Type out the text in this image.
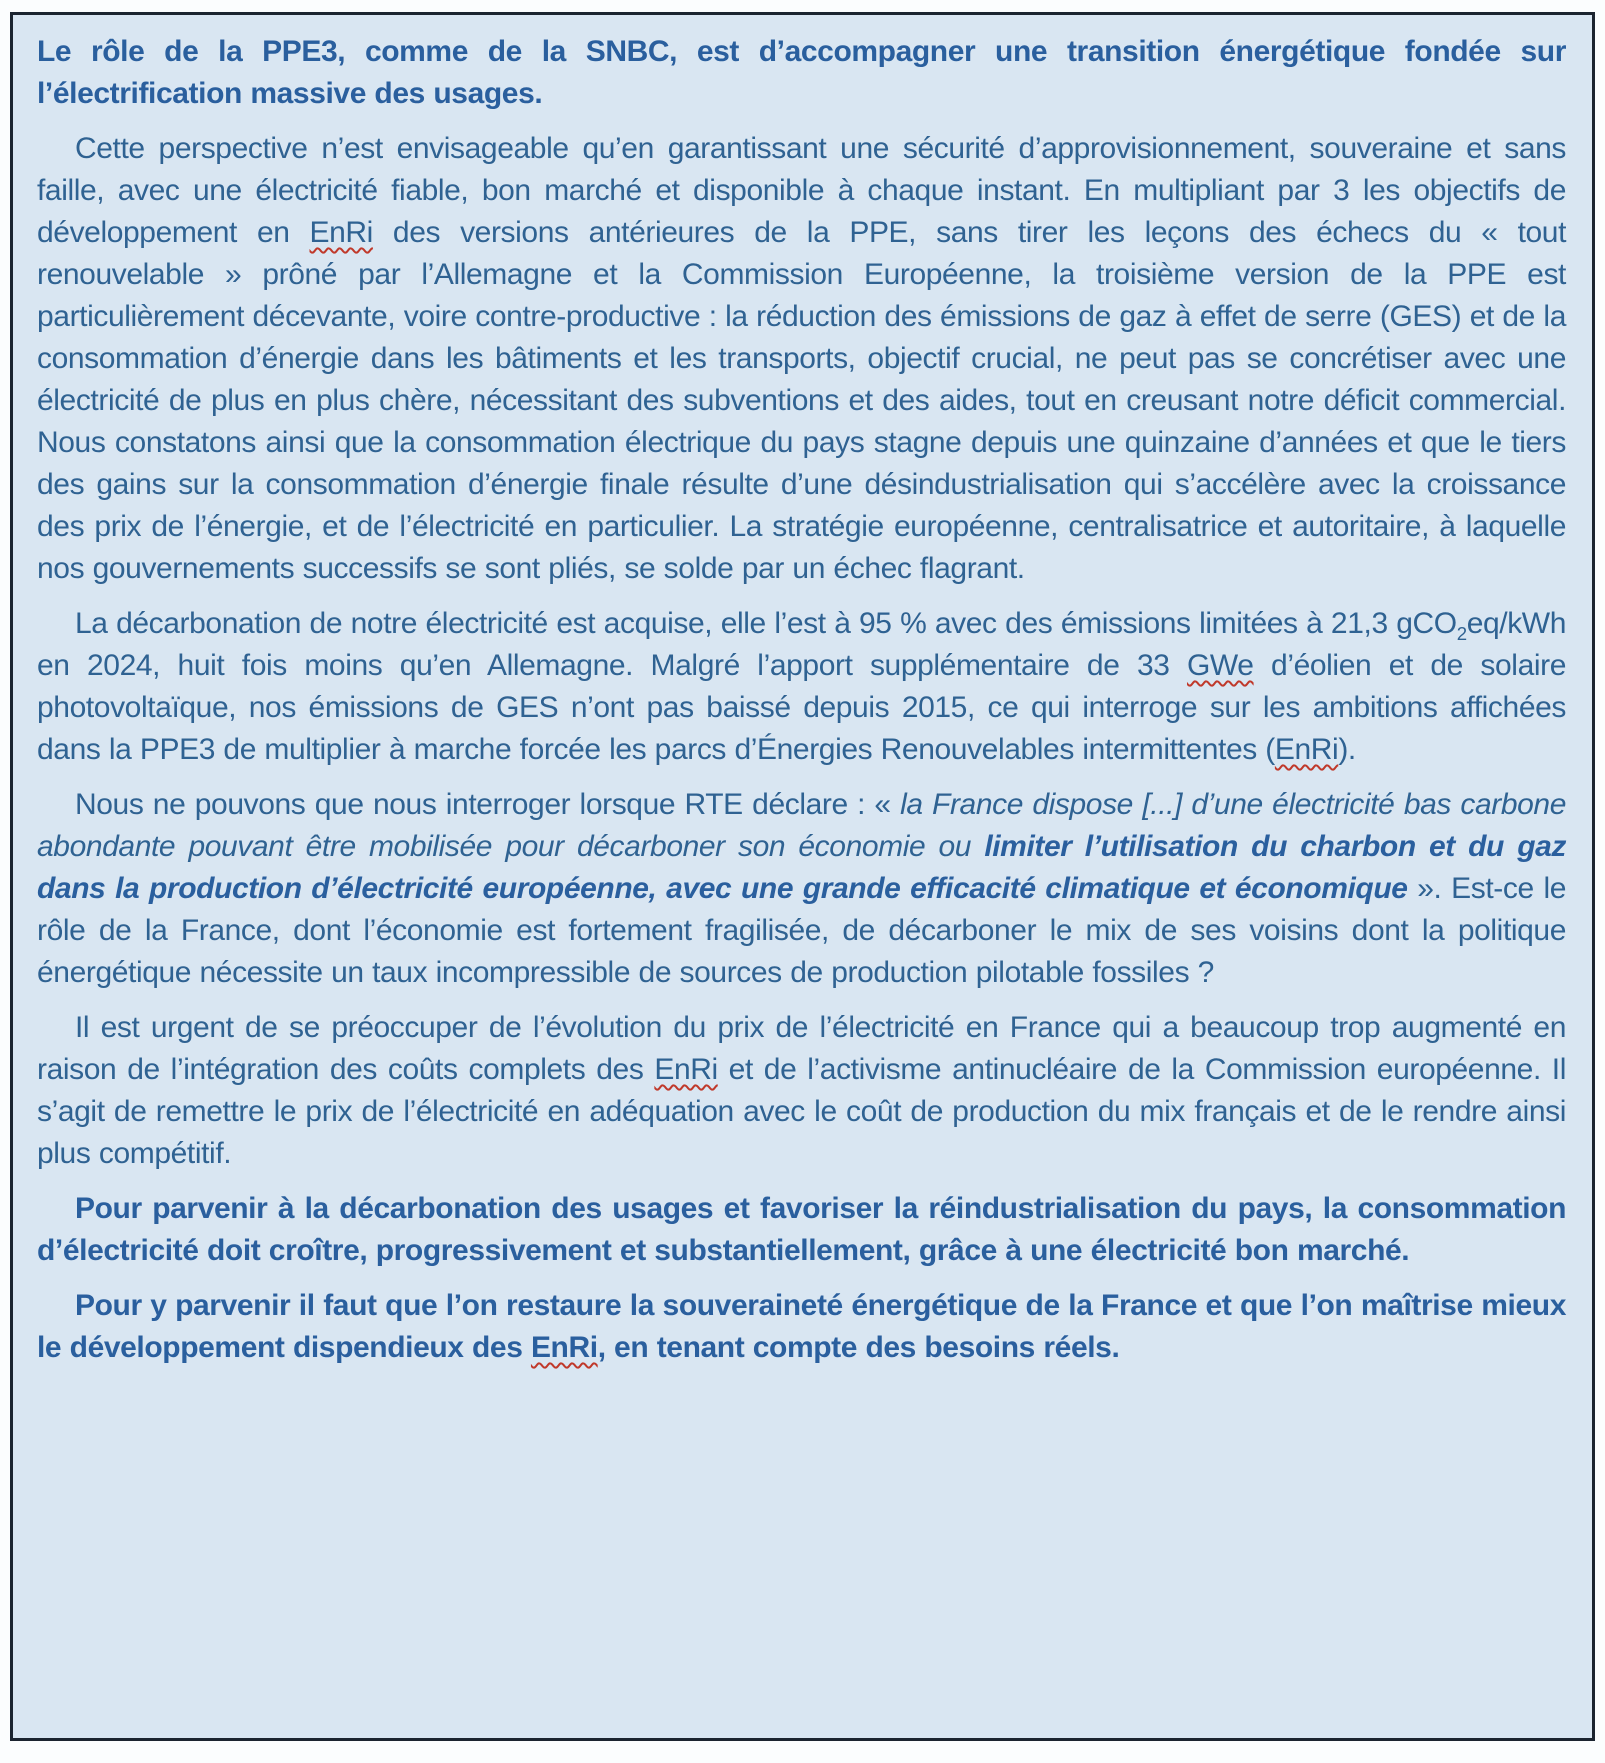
Le rôle de la PPE3, comme de la SNBC, est d’accompagner une transition énergétique fondée sur l’électrification massive des usages.

Cette perspective n’est envisageable qu’en garantissant une sécurité d’approvisionnement, souveraine et sans faille, avec une électricité fiable, bon marché et disponible à chaque instant. En multipliant par 3 les objectifs de développement en EnRi des versions antérieures de la PPE, sans tirer les leçons des échecs du « tout renouvelable » prôné par l’Allemagne et la Commission Européenne, la troisième version de la PPE est particulièrement décevante, voire contre-productive : la réduction des émissions de gaz à effet de serre (GES) et de la consommation d’énergie dans les bâtiments et les transports, objectif crucial, ne peut pas se concrétiser avec une électricité de plus en plus chère, nécessitant des subventions et des aides, tout en creusant notre déficit commercial. Nous constatons ainsi que la consommation électrique du pays stagne depuis une quinzaine d’années et que le tiers des gains sur la consommation d’énergie finale résulte d’une désindustrialisation qui s’accélère avec la croissance des prix de l’énergie, et de l’électricité en particulier. La stratégie européenne, centralisatrice et autoritaire, à laquelle nos gouvernements successifs se sont pliés, se solde par un échec flagrant.

La décarbonation de notre électricité est acquise, elle l’est à 95 % avec des émissions limitées à 21,3 gCO$_2$eq/kWh en 2024, huit fois moins qu’en Allemagne. Malgré l’apport supplémentaire de 33 GWe d’éolien et de solaire photovoltaïque, nos émissions de GES n’ont pas baissé depuis 2015, ce qui interroge sur les ambitions affichées dans la PPE3 de multiplier à marche forcée les parcs d’Énergies Renouvelables intermittentes (EnRi).

Nous ne pouvons que nous interroger lorsque RTE déclare : « la France dispose [...] d’une électricité bas carbone abondante pouvant être mobilisée pour décarboner son économie ou limiter l’utilisation du charbon et du gaz dans la production d’électricité européenne, avec une grande efficacité climatique et économique ». Est-ce le rôle de la France, dont l’économie est fortement fragilisée, de décarboner le mix de ses voisins dont la politique énergétique nécessite un taux incompressible de sources de production pilotable fossiles ?

Il est urgent de se préoccuper de l’évolution du prix de l’électricité en France qui a beaucoup trop augmenté en raison de l’intégration des coûts complets des EnRi et de l’activisme antinucléaire de la Commission européenne. Il s’agit de remettre le prix de l’électricité en adéquation avec le coût de production du mix français et de le rendre ainsi plus compétitif.

Pour parvenir à la décarbonation des usages et favoriser la réindustrialisation du pays, la consommation d’électricité doit croître, progressivement et substantiellement, grâce à une électricité bon marché.

Pour y parvenir il faut que l’on restaure la souveraineté énergétique de la France et que l’on maîtrise mieux le développement dispendieux des EnRi, en tenant compte des besoins réels.
